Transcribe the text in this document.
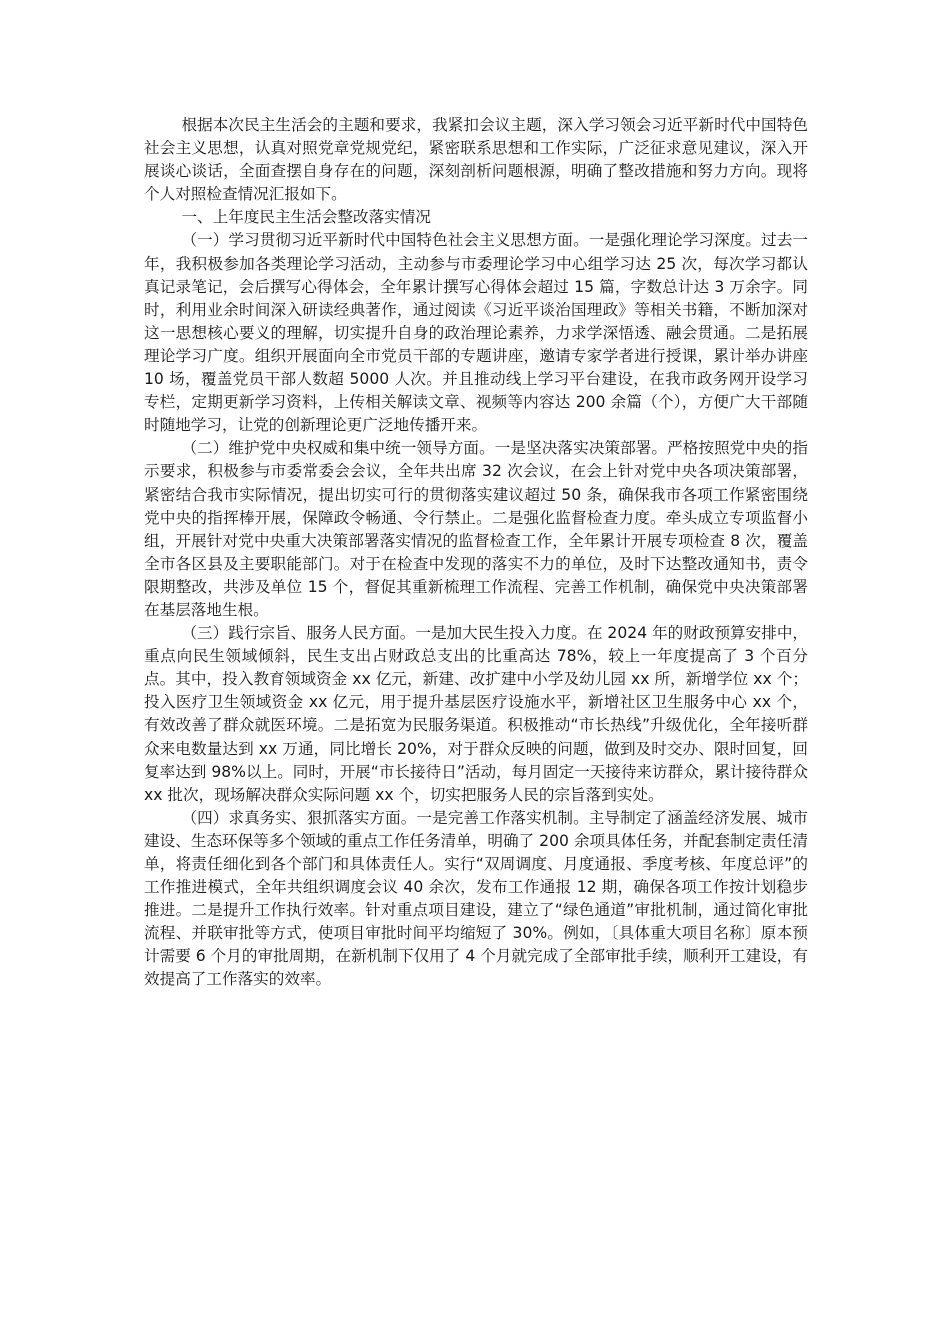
根据本次民主生活会的主题和要求，我紧扣会议主题，深入学习领会习近平新时代中国特色社会主义思想，认真对照党章党规党纪，紧密联系思想和工作实际，广泛征求意见建议，深入开展谈心谈话，全面查摆自身存在的问题，深刻剖析问题根源，明确了整改措施和努力方向。现将个人对照检查情况汇报如下。

一、上年度民主生活会整改落实情况

（一）学习贯彻习近平新时代中国特色社会主义思想方面。一是强化理论学习深度。过去一年，我积极参加各类理论学习活动，主动参与市委理论学习中心组学习达 25 次，每次学习都认真记录笔记，会后撰写心得体会，全年累计撰写心得体会超过 15 篇，字数总计达 3 万余字。同时，利用业余时间深入研读经典著作，通过阅读《习近平谈治国理政》等相关书籍，不断加深对这一思想核心要义的理解，切实提升自身的政治理论素养，力求学深悟透、融会贯通。二是拓展理论学习广度。组织开展面向全市党员干部的专题讲座，邀请专家学者进行授课，累计举办讲座 10 场，覆盖党员干部人数超 5000 人次。并且推动线上学习平台建设，在我市政务网开设学习专栏，定期更新学习资料，上传相关解读文章、视频等内容达 200 余篇（个），方便广大干部随时随地学习，让党的创新理论更广泛地传播开来。

（二）维护党中央权威和集中统一领导方面。一是坚决落实决策部署。严格按照党中央的指示要求，积极参与市委常委会会议，全年共出席 32 次会议，在会上针对党中央各项决策部署，紧密结合我市实际情况，提出切实可行的贯彻落实建议超过 50 条，确保我市各项工作紧密围绕党中央的指挥棒开展，保障政令畅通、令行禁止。二是强化监督检查力度。牵头成立专项监督小组，开展针对党中央重大决策部署落实情况的监督检查工作，全年累计开展专项检查 8 次，覆盖全市各区县及主要职能部门。对于在检查中发现的落实不力的单位，及时下达整改通知书，责令限期整改，共涉及单位 15 个，督促其重新梳理工作流程、完善工作机制，确保党中央决策部署在基层落地生根。

（三）践行宗旨、服务人民方面。一是加大民生投入力度。在 2024 年的财政预算安排中，重点向民生领域倾斜，民生支出占财政总支出的比重高达 78%，较上一年度提高了 3 个百分点。其中，投入教育领域资金 xx 亿元，新建、改扩建中小学及幼儿园 xx 所，新增学位 xx 个；投入医疗卫生领域资金 xx 亿元，用于提升基层医疗设施水平，新增社区卫生服务中心 xx 个，有效改善了群众就医环境。二是拓宽为民服务渠道。积极推动“市长热线”升级优化，全年接听群众来电数量达到 xx 万通，同比增长 20%，对于群众反映的问题，做到及时交办、限时回复，回复率达到 98%以上。同时，开展“市长接待日”活动，每月固定一天接待来访群众，累计接待群众 xx 批次，现场解决群众实际问题 xx 个，切实把服务人民的宗旨落到实处。

（四）求真务实、狠抓落实方面。一是完善工作落实机制。主导制定了涵盖经济发展、城市建设、生态环保等多个领域的重点工作任务清单，明确了 200 余项具体任务，并配套制定责任清单，将责任细化到各个部门和具体责任人。实行“双周调度、月度通报、季度考核、年度总评”的工作推进模式，全年共组织调度会议 40 余次，发布工作通报 12 期，确保各项工作按计划稳步推进。二是提升工作执行效率。针对重点项目建设，建立了“绿色通道”审批机制，通过简化审批流程、并联审批等方式，使项目审批时间平均缩短了 30%。例如，〔具体重大项目名称〕原本预计需要 6 个月的审批周期，在新机制下仅用了 4 个月就完成了全部审批手续，顺利开工建设，有效提高了工作落实的效率。
